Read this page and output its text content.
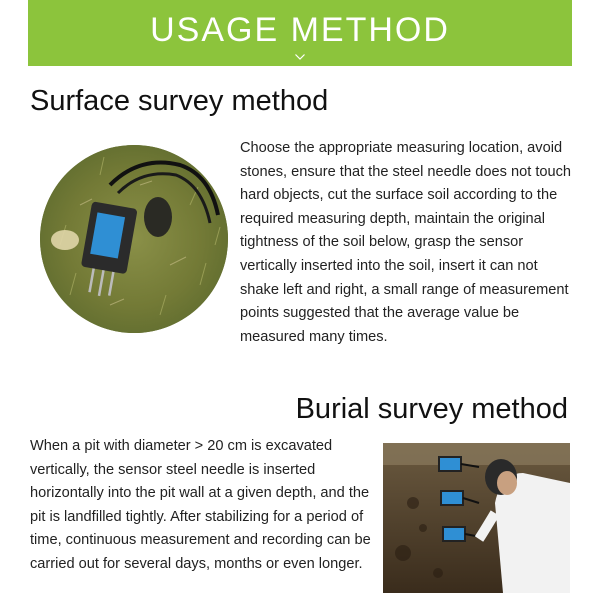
USAGE METHOD
Surface survey method
Choose the appropriate measuring location, avoid stones, ensure that the steel needle does not touch hard objects, cut the surface soil according to the required measuring depth, maintain the original tightness of the soil below, grasp the sensor vertically inserted into the soil, insert it can not shake left and right, a small range of measurement points suggested that the average value be measured many times.
Burial survey method
When a pit with diameter > 20 cm is excavated vertically, the sensor steel needle is inserted horizontally into the pit wall at a given depth, and the pit is landfilled tightly. After stabilizing for a period of time, continuous measurement and recording can be carried out for several days, months or even longer.
